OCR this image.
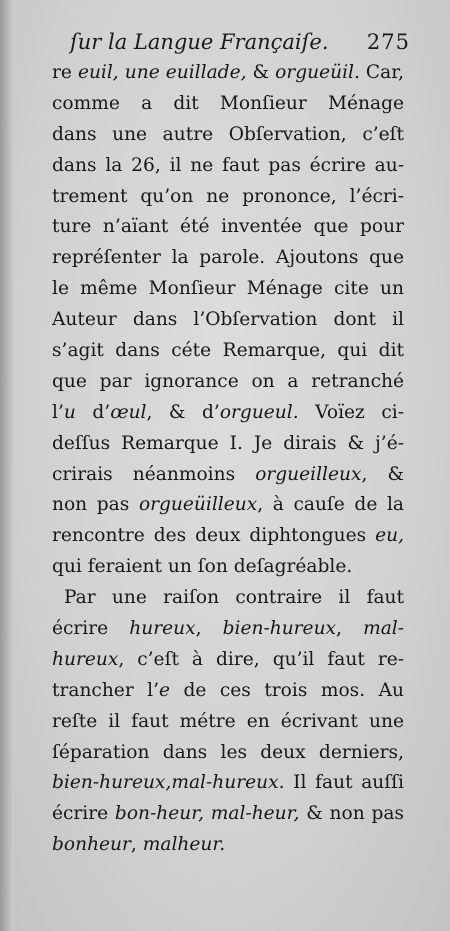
ſur la Langue Françaiſe. 275
re euil, une euillade, & orgueüil. Car,
comme a dit Monſieur Ménage
dans une autre Obſervation, c’eſt
dans la 26, il ne faut pas écrire au-
trement qu’on ne prononce, l’écri-
ture n’aïant été inventée que pour
repréſenter la parole. Ajoutons que
le même Monſieur Ménage cite un
Auteur dans l’Obſervation dont il
s’agit dans céte Remarque, qui dit
que par ignorance on a retranché
l’u d’œul, & d’orgueul. Voïez ci-
deſſus Remarque I. Je dirais & j’é-
crirais néanmoins orgueilleux, &
non pas orgueüilleux, à cauſe de la
rencontre des deux diphtongues eu,
qui feraient un ſon deſagréable.
Par une raiſon contraire il faut
écrire hureux, bien-hureux, mal-
hureux, c’eſt à dire, qu’il faut re-
trancher l’e de ces trois mos. Au
reſte il faut métre en écrivant une
ſéparation dans les deux derniers,
bien-hureux,mal-hureux. Il faut auſſi
écrire bon-heur, mal-heur, & non pas
bonheur, malheur.
